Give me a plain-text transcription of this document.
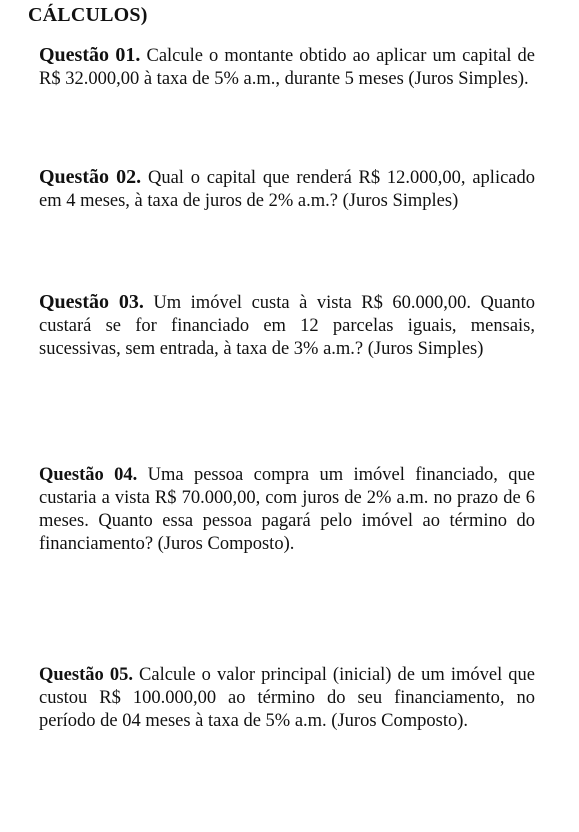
CÁLCULOS)
Questão 01. Calcule o montante obtido ao aplicar um capital de R$ 32.000,00 à taxa de 5% a.m., durante 5 meses (Juros Simples).
Questão 02. Qual o capital que renderá R$ 12.000,00, aplicado em 4 meses, à taxa de juros de 2% a.m.? (Juros Simples)
Questão 03. Um imóvel custa à vista R$ 60.000,00. Quanto custará se for financiado em 12 parcelas iguais, mensais, sucessivas, sem entrada, à taxa de 3% a.m.? (Juros Simples)
Questão 04. Uma pessoa compra um imóvel financiado, que custaria a vista R$ 70.000,00, com juros de 2% a.m. no prazo de 6 meses. Quanto essa pessoa pagará pelo imóvel ao término do financiamento? (Juros Composto).
Questão 05. Calcule o valor principal (inicial) de um imóvel que custou R$ 100.000,00 ao término do seu financiamento, no período de 04 meses à taxa de 5% a.m. (Juros Composto).
